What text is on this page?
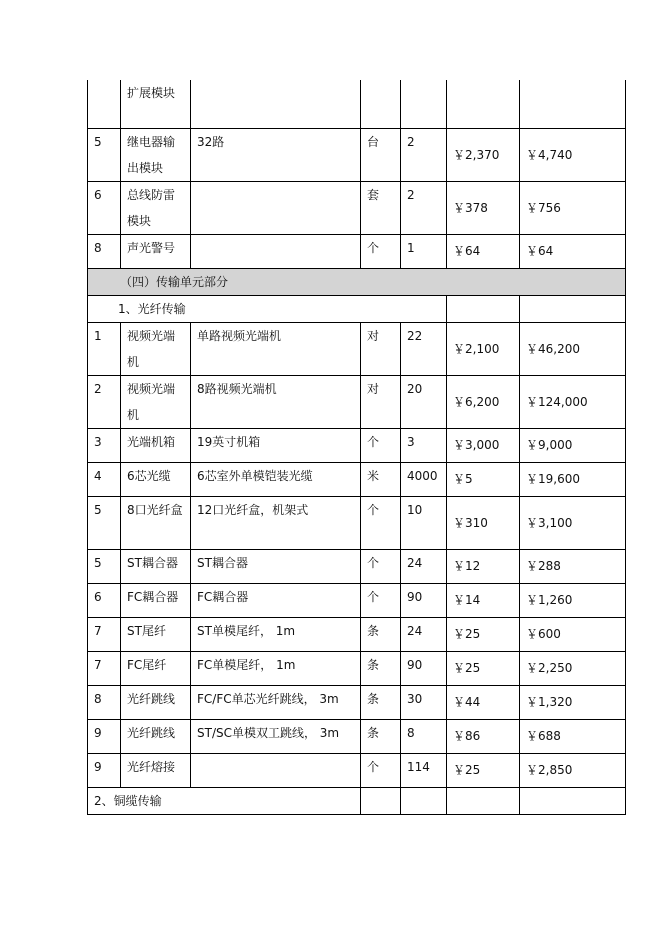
	扩展模块					
5	继电器输出模块	32路	台	2	￥2,370	￥4,740
6	总线防雷模块		套	2	￥378	￥756
8	声光警号		个	1	￥64	￥64
（四）传输单元部分						
1、光纤传输						
1	视频光端机	单路视频光端机	对	22	￥2,100	￥46,200
2	视频光端机	8路视频光端机	对	20	￥6,200	￥124,000
3	光端机箱	19英寸机箱	个	3	￥3,000	￥9,000
4	6芯光缆	6芯室外单模铠装光缆	米	4000	￥5	￥19,600
5	8口光纤盒	12口光纤盒，机架式	个	10	￥310	￥3,100
5	ST耦合器	ST耦合器	个	24	￥12	￥288
6	FC耦合器	FC耦合器	个	90	￥14	￥1,260
7	ST尾纤	ST单模尾纤， 1m	条	24	￥25	￥600
7	FC尾纤	FC单模尾纤， 1m	条	90	￥25	￥2,250
8	光纤跳线	FC/FC单芯光纤跳线， 3m	条	30	￥44	￥1,320
9	光纤跳线	ST/SC单模双工跳线， 3m	条	8	￥86	￥688
9	光纤熔接		个	114	￥25	￥2,850
2、铜缆传输						
